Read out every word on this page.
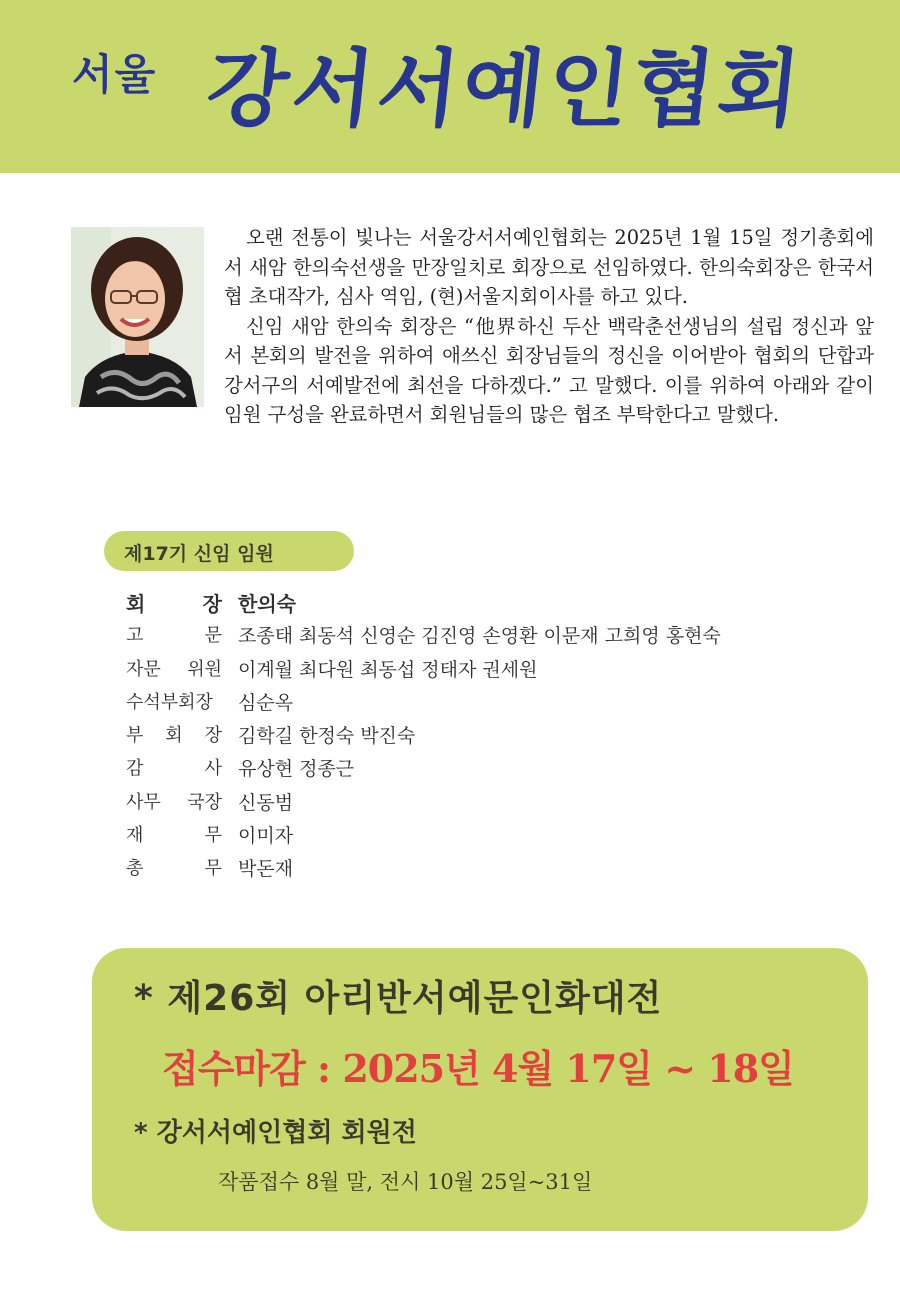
서울 강서서예인협회

오랜 전통이 빛나는 서울강서서예인협회는 2025년 1월 15일 정기총회에서 새암 한의숙선생을 만장일치로 회장으로 선임하였다. 한의숙회장은 한국서협 초대작가, 심사 역임, (현)서울지회이사를 하고 있다.

신임 새암 한의숙 회장은 “他界하신 두산 백락춘선생님의 설립 정신과 앞서 본회의 발전을 위하여 애쓰신 회장님들의 정신을 이어받아 협회의 단합과 강서구의 서예발전에 최선을 다하겠다.” 고 말했다. 이를 위하여 아래와 같이 임원 구성을 완료하면서 회원님들의 많은 협조 부탁한다고 말했다.

제17기 신임 임원
회 장 한의숙
고 문 조종태 최동석 신영순 김진영 손영환 이문재 고희영 홍현숙
자문 위원 이계월 최다원 최동섭 정태자 권세원
수석부회장	심순옥
부 회 장 김학길 한정숙 박진숙
감 사 유상현 정종근
사무 국장 신동범
재 무 이미자
총 무 박돈재
* 제26회 아리반서예문인화대전
접수마감 : 2025년 4월 17일 ~ 18일
* 강서서예인협회 회원전
작품접수 8월 말, 전시 10월 25일~31일
